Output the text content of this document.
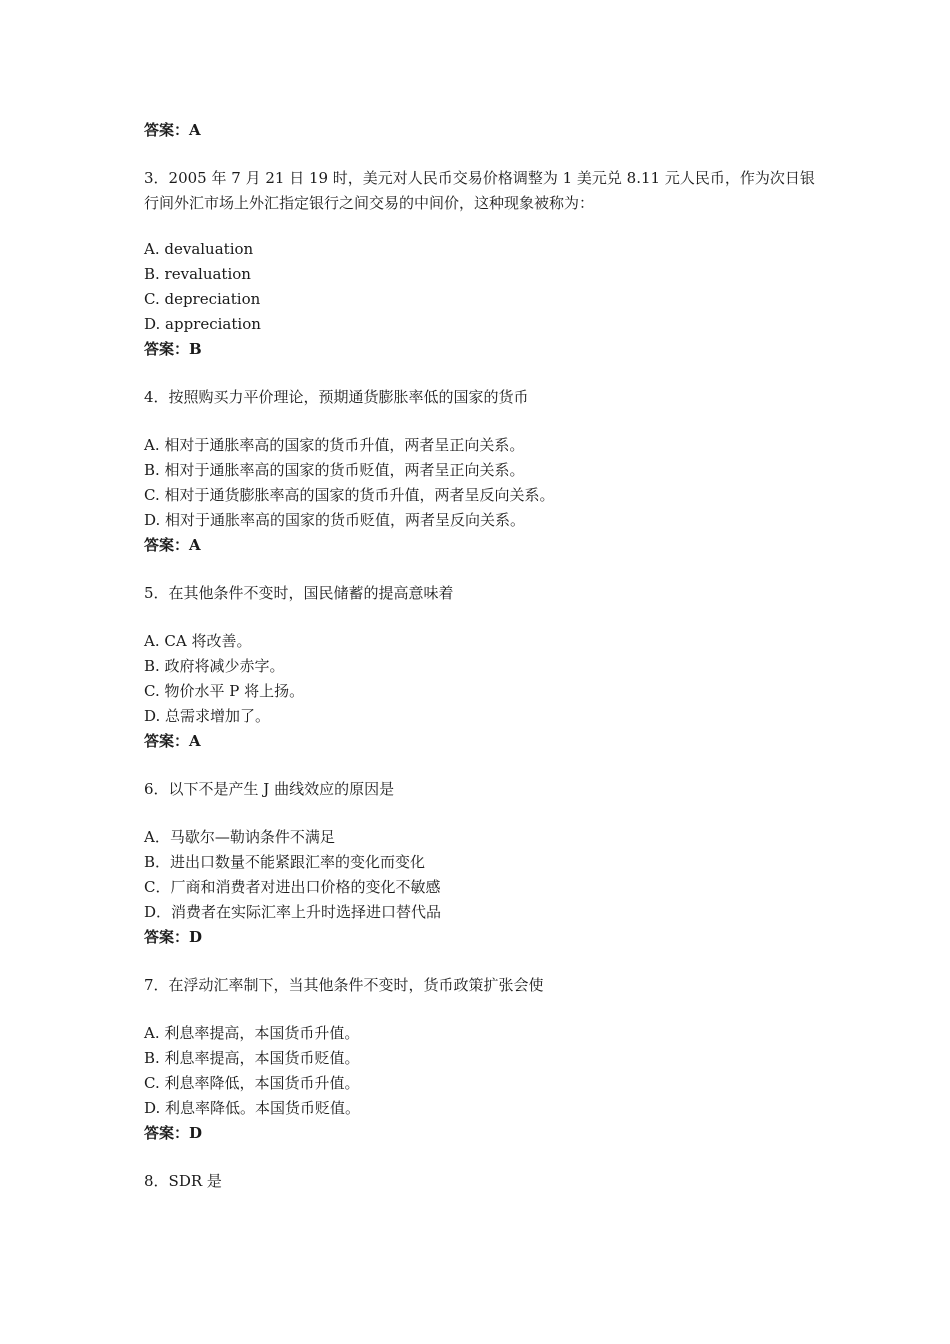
答案：A
3．2005 年 7 月 21 日 19 时，美元对人民币交易价格调整为 1 美元兑 8.11 元人民币，作为次日银行间外汇市场上外汇指定银行之间交易的中间价，这种现象被称为：
A. devaluation
B. revaluation
C. depreciation
D. appreciation
答案：B
4．按照购买力平价理论，预期通货膨胀率低的国家的货币
A. 相对于通胀率高的国家的货币升值，两者呈正向关系。
B. 相对于通胀率高的国家的货币贬值，两者呈正向关系。
C. 相对于通货膨胀率高的国家的货币升值，两者呈反向关系。
D. 相对于通胀率高的国家的货币贬值，两者呈反向关系。
答案：A
5．在其他条件不变时，国民储蓄的提高意味着
A. CA 将改善。
B. 政府将减少赤字。
C. 物价水平 P 将上扬。
D. 总需求增加了。
答案：A
6．以下不是产生 J 曲线效应的原因是
A．马歇尔—勒讷条件不满足
B．进出口数量不能紧跟汇率的变化而变化
C．厂商和消费者对进出口价格的变化不敏感
D．消费者在实际汇率上升时选择进口替代品
答案：D
7．在浮动汇率制下，当其他条件不变时，货币政策扩张会使
A. 利息率提高，本国货币升值。
B. 利息率提高，本国货币贬值。
C. 利息率降低，本国货币升值。
D. 利息率降低。本国货币贬值。
答案：D
8．SDR 是
